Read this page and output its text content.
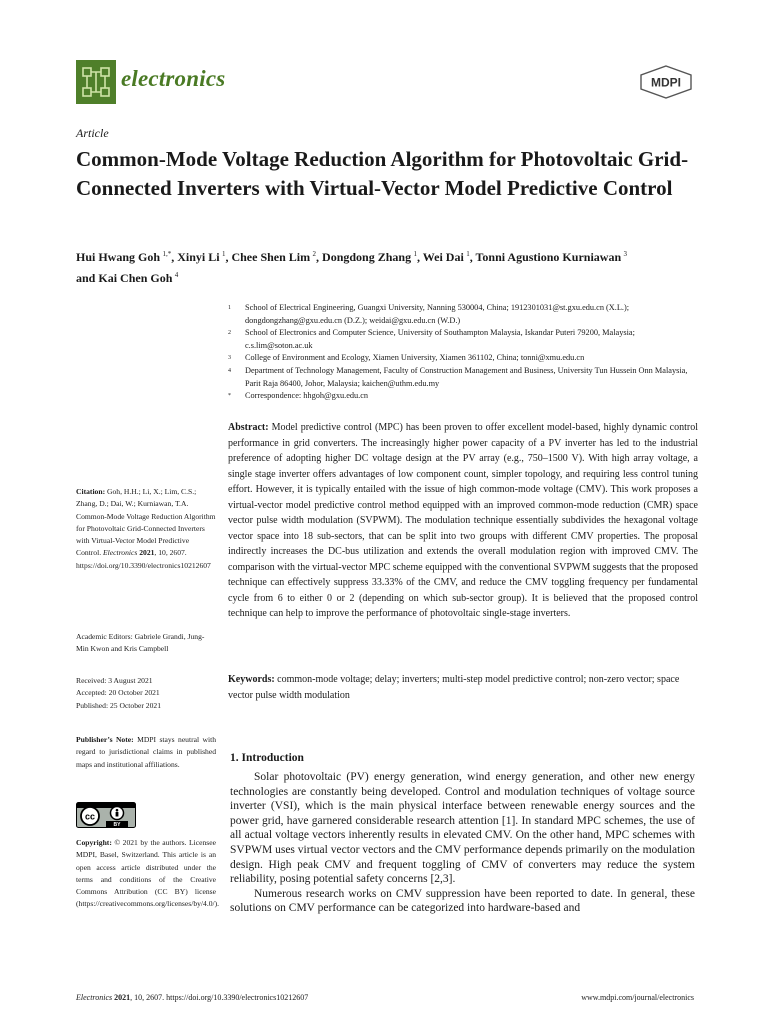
electronics	MDPI
Article
Common-Mode Voltage Reduction Algorithm for Photovoltaic Grid-Connected Inverters with Virtual-Vector Model Predictive Control
Hui Hwang Goh  $^{1,*}$, Xinyi Li  $^1$, Chee Shen Lim  $^2$, Dongdong Zhang  $^1$, Wei Dai  $^1$, Tonni Agustiono Kurniawan  $^3$
and Kai Chen Goh  $^4$
1 School of Electrical Engineering, Guangxi University, Nanning 530004, China; 1912301031@st.gxu.edu.cn (X.L.); dongdongzhang@gxu.edu.cn (D.Z.); weidai@gxu.edu.cn (W.D.)
2 School of Electronics and Computer Science, University of Southampton Malaysia, Iskandar Puteri 79200, Malaysia; c.s.lim@soton.ac.uk
3 College of Environment and Ecology, Xiamen University, Xiamen 361102, China; tonni@xmu.edu.cn
4 Department of Technology Management, Faculty of Construction Management and Business, University Tun Hussein Onn Malaysia, Parit Raja 86400, Johor, Malaysia; kaichen@uthm.edu.my
* Correspondence: hhgoh@gxu.edu.cn
Abstract: Model predictive control (MPC) has been proven to offer excellent model-based, highly dynamic control performance in grid converters. The increasingly higher power capacity of a PV inverter has led to the industrial preference of adopting higher DC voltage design at the PV array (e.g., 750–1500 V). With high array voltage, a single stage inverter offers advantages of low component count, simpler topology, and requiring less control tuning effort. However, it is typically entailed with the issue of high common-mode voltage (CMV). This work proposes a virtual-vector model predictive control method equipped with an improved common-mode reduction (CMR) space vector pulse width modulation (SVPWM). The modulation technique essentially subdivides the hexagonal voltage vector space into 18 sub-sectors, that can be split into two groups with different CMV properties. The proposal indirectly increases the DC-bus utilization and extends the overall modulation region with improved CMV. The comparison with the virtual-vector MPC scheme equipped with the conventional SVPWM suggests that the proposed technique can effectively suppress 33.33% of the CMV, and reduce the CMV toggling frequency per fundamental cycle from 6 to either 0 or 2 (depending on which sub-sector group). It is believed that the proposed control technique can help to improve the performance of photovoltaic single-stage inverters.
Keywords: common-mode voltage; delay; inverters; multi-step model predictive control; non-zero vector; space vector pulse width modulation
Citation: Goh, H.H.; Li, X.; Lim, C.S.; Zhang, D.; Dai, W.; Kurniawan, T.A. Common-Mode Voltage Reduction Algorithm for Photovoltaic Grid-Connected Inverters with Virtual-Vector Model Predictive Control. Electronics 2021, 10, 2607. https://doi.org/10.3390/electronics10212607
Academic Editors: Gabriele Grandi, Jung-Min Kwon and Kris Campbell
Received: 3 August 2021
Accepted: 20 October 2021
Published: 25 October 2021
Publisher’s Note: MDPI stays neutral with regard to jurisdictional claims in published maps and institutional affiliations.
cc
BY
Copyright: © 2021 by the authors. Licensee MDPI, Basel, Switzerland. This article is an open access article distributed under the terms and conditions of the Creative Commons Attribution (CC BY) license (https://creativecommons.org/licenses/by/4.0/).
1. Introduction

Solar photovoltaic (PV) energy generation, wind energy generation, and other new energy technologies are constantly being developed. Control and modulation techniques of voltage source inverter (VSI), which is the main physical interface between renewable energy sources and the power grid, have garnered considerable research attention [1]. In standard MPC schemes, the use of all actual voltage vectors inherently results in elevated CMV. On the other hand, MPC schemes with SVPWM uses virtual vector vectors and the CMV performance depends primarily on the modulation design. High peak CMV and frequent toggling of CMV of converters may reduce the system reliability, posing potential safety concerns [2,3].

Numerous research works on CMV suppression have been reported to date. In general, these solutions on CMV performance can be categorized into hardware-based and

Electronics 2021, 10, 2607. https://doi.org/10.3390/electronics10212607	www.mdpi.com/journal/electronics
